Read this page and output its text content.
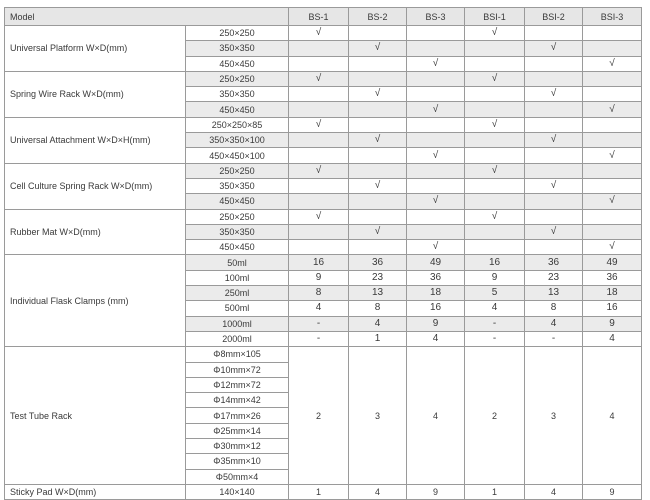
Model		BS-1	BS-2	BS-3	BSI-1	BSI-2	BSI-3
Universal Platform W×D(mm)	250×250	√			√		
	350×350		√			√	
	450×450			√			√
Spring Wire Rack W×D(mm)	250×250	√			√		
	350×350		√			√	
	450×450			√			√
Universal Attachment W×D×H(mm)	250×250×85	√			√		
	350×350×100		√			√	
	450×450×100			√			√
Cell Culture Spring Rack W×D(mm)	250×250	√			√		
	350×350		√			√	
	450×450			√			√
Rubber Mat W×D(mm)	250×250	√			√		
	350×350		√			√	
	450×450			√			√
Individual Flask Clamps (mm)	50ml	16	36	49	16	36	49
	100ml	9	23	36	9	23	36
	250ml	8	13	18	5	13	18
	500ml	4	8	16	4	8	16
	1000ml	-	4	9	-	4	9
	2000ml	-	1	4	-	-	4
Test Tube Rack	Φ8mm×105	2	3	4	2	3	4
	Φ10mm×72						
	Φ12mm×72						
	Φ14mm×42						
	Φ17mm×26						
	Φ25mm×14						
	Φ30mm×12						
	Φ35mm×10						
	Φ50mm×4						
Sticky Pad W×D(mm)	140×140	1	4	9	1	4	9
